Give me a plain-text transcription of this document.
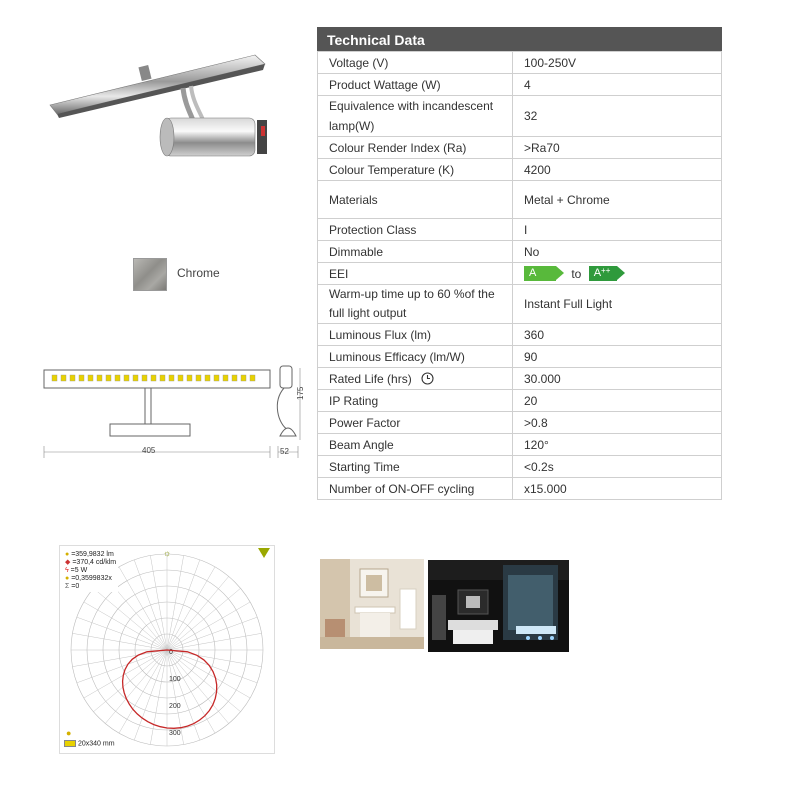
Chrome
405	52
175
Technical Data
Voltage (V)	100-250V
Product Wattage (W)	4
Equivalence with incandescent lamp(W)	32
Colour Render Index (Ra)	>Ra70
Colour Temperature (K)	4200
Materials	Metal + Chrome
Protection Class	I
Dimmable	No
EEI	A to A++
Warm-up time up to 60 %of the full light output	Instant Full Light
Luminous Flux (lm)	360
Luminous Efficacy (lm/W)	90
Rated Life (hrs)	30.000
IP Rating	20
Power Factor	>0.8
Beam Angle	120°
Starting Time	<0.2s
Number of ON-OFF cycling	x15.000
0
100
200
300
● =359,9832 lm
◆ =370,4 cd/klm
ϟ =5 W
● =0,3599832x
Σ =0
☼
●
20x340 mm
